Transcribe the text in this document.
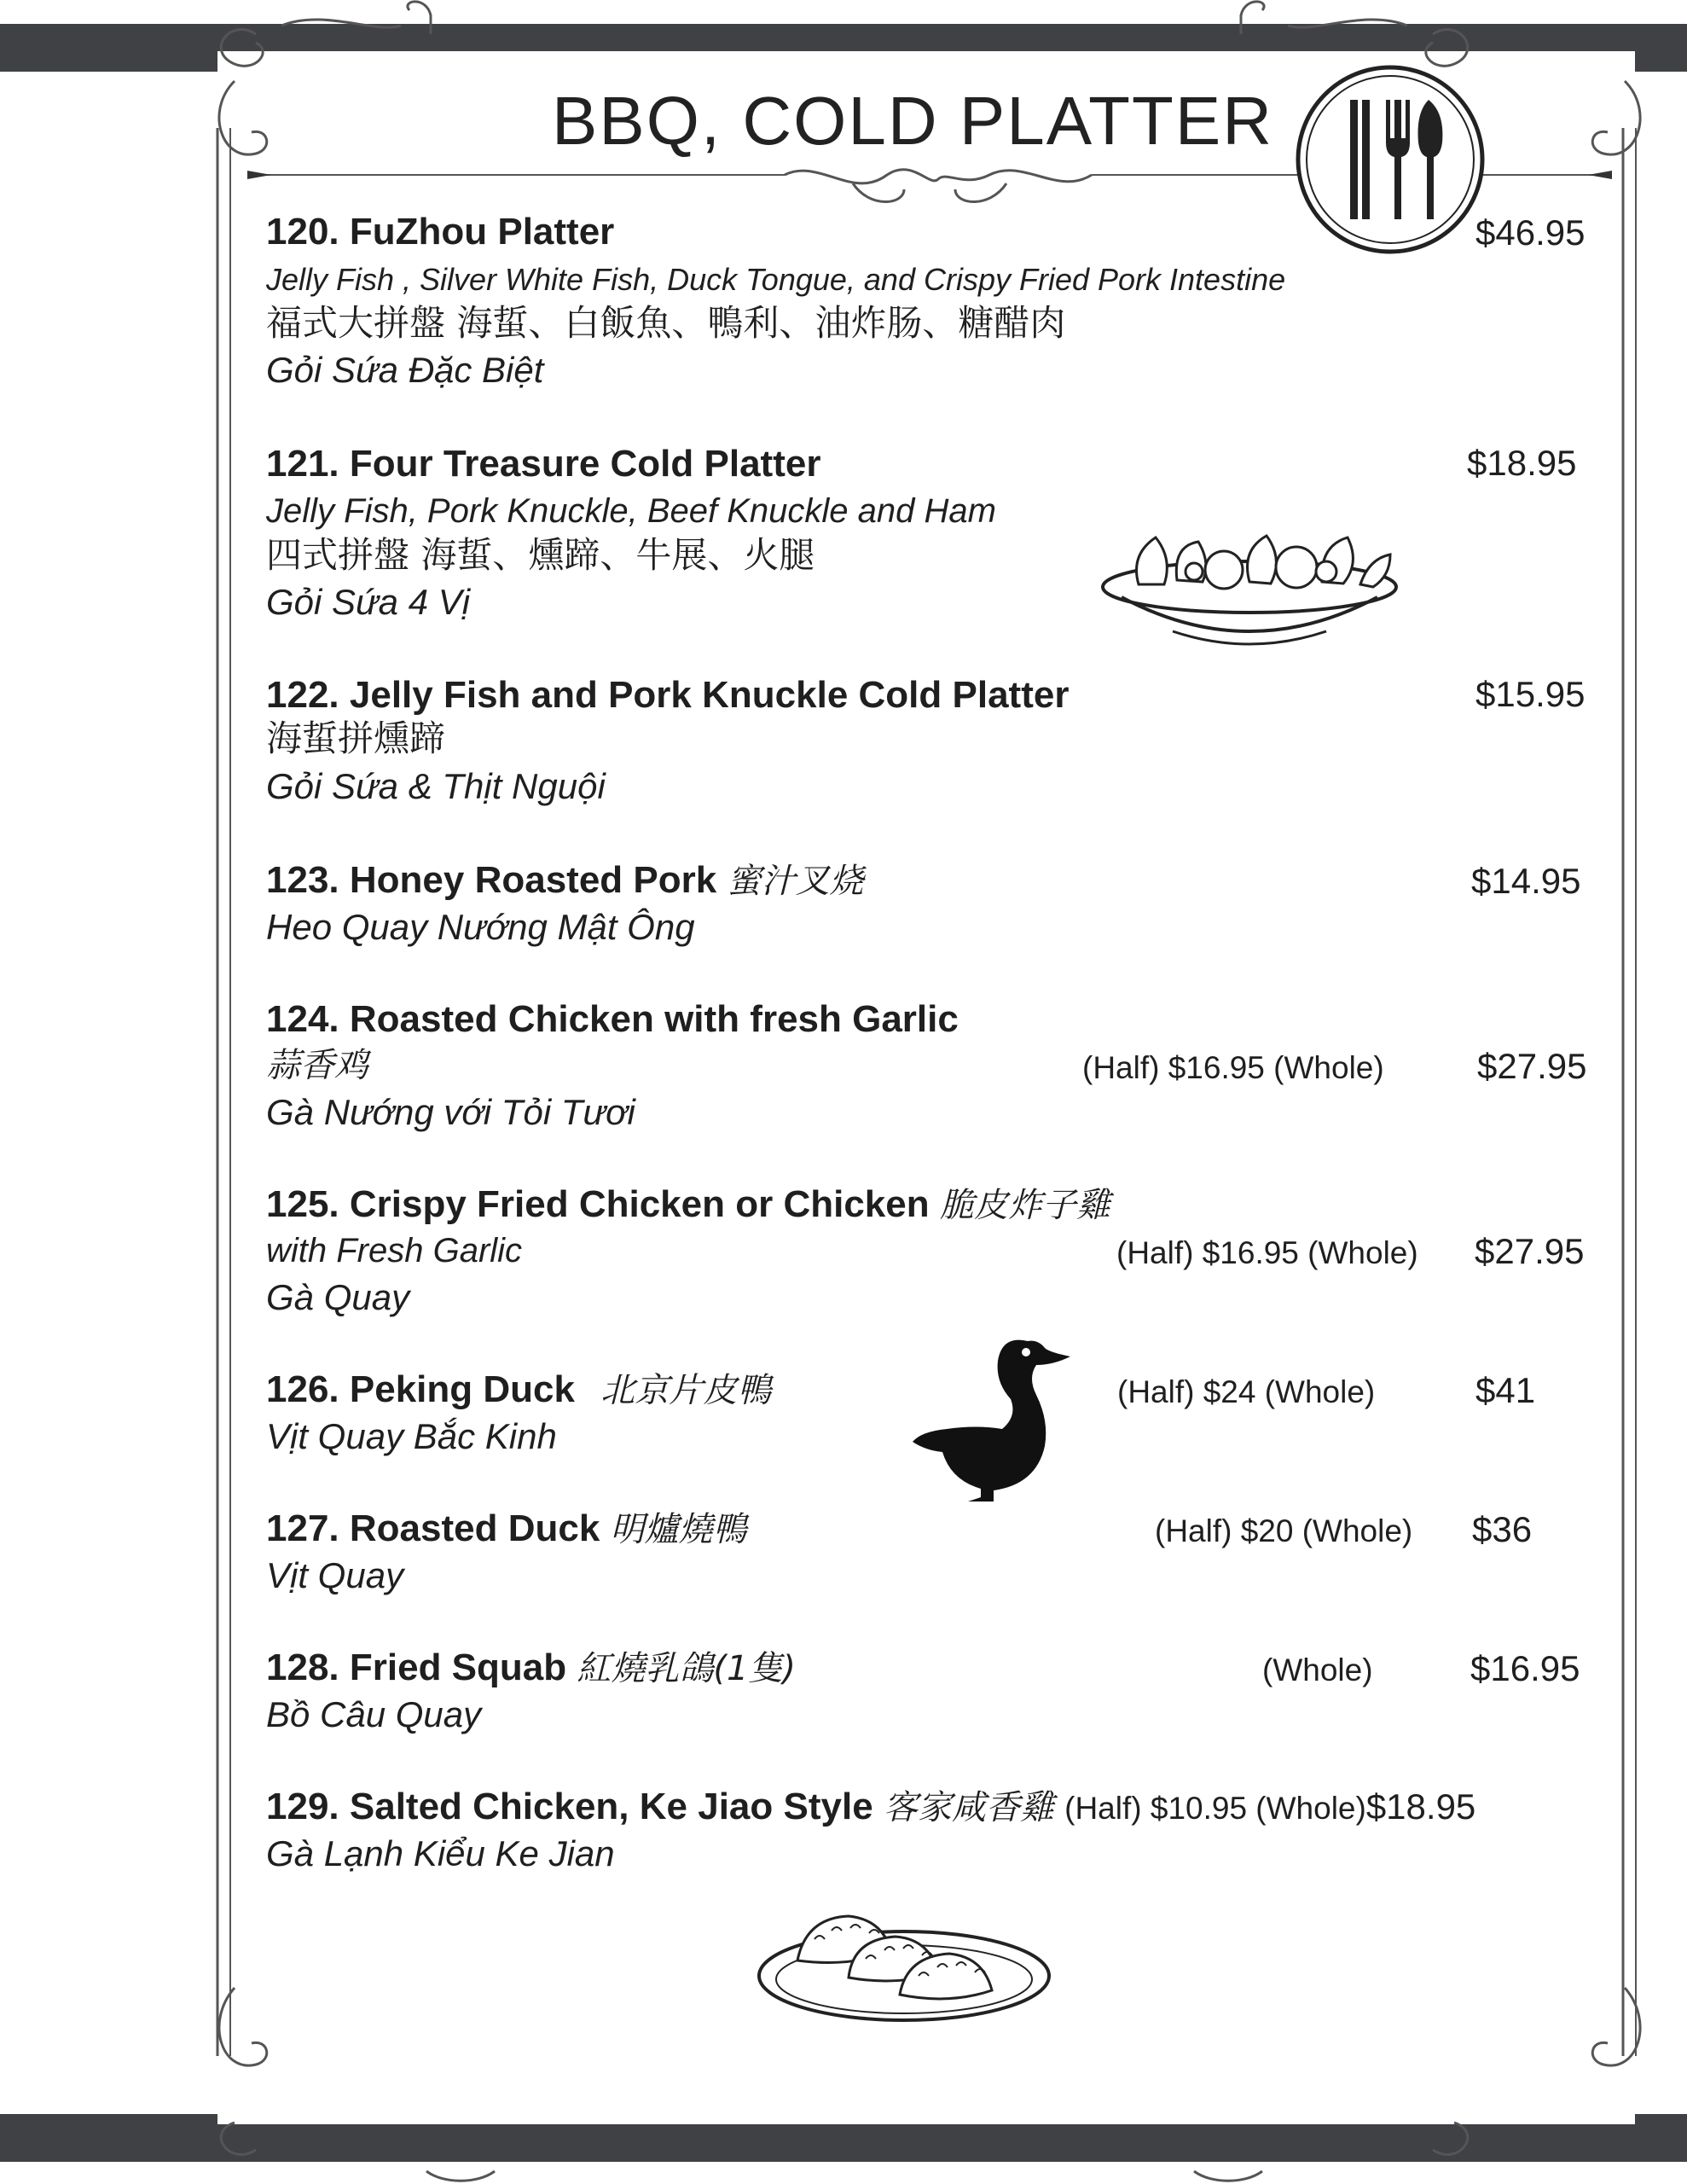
BBQ, COLD PLATTER
120. FuZhou Platter
Jelly Fish , Silver White Fish, Duck Tongue, and Crispy Fried Pork Intestine
福式大拼盤 海蜇、白飯魚、鴨利、油炸肠、糖醋肉
Gỏi Sứa Đặc Biệt
$46.95
121. Four Treasure Cold Platter
Jelly Fish, Pork Knuckle, Beef Knuckle and Ham
四式拼盤 海蜇、燻蹄、牛展、火腿
Gỏi Sứa 4 Vị
$18.95
122. Jelly Fish and Pork Knuckle Cold Platter
海蜇拼燻蹄
Gỏi Sứa & Thịt Nguội
$15.95
123. Honey Roasted Pork 蜜汁叉烧
Heo Quay Nướng Mật Ông
$14.95
124. Roasted Chicken with fresh Garlic
蒜香鸡	(Half) $16.95 (Whole)	$27.95
Gà Nướng với Tỏi Tươi
125. Crispy Fried Chicken or Chicken 脆皮炸子雞
with Fresh Garlic	(Half) $16.95 (Whole) $27.95
Gà Quay
126. Peking Duck 北京片皮鴨	(Half) $24 (Whole)	$41
Vịt Quay Bắc Kinh
127. Roasted Duck 明爐燒鴨	(Half) $20 (Whole) $36
Vịt Quay
128. Fried Squab 紅燒乳鴿(1隻)	(Whole)	$16.95
Bồ Câu Quay
129. Salted Chicken, Ke Jiao Style 客家咸香雞 (Half) $10.95 (Whole)$18.95
Gà Lạnh Kiểu Ke Jian
